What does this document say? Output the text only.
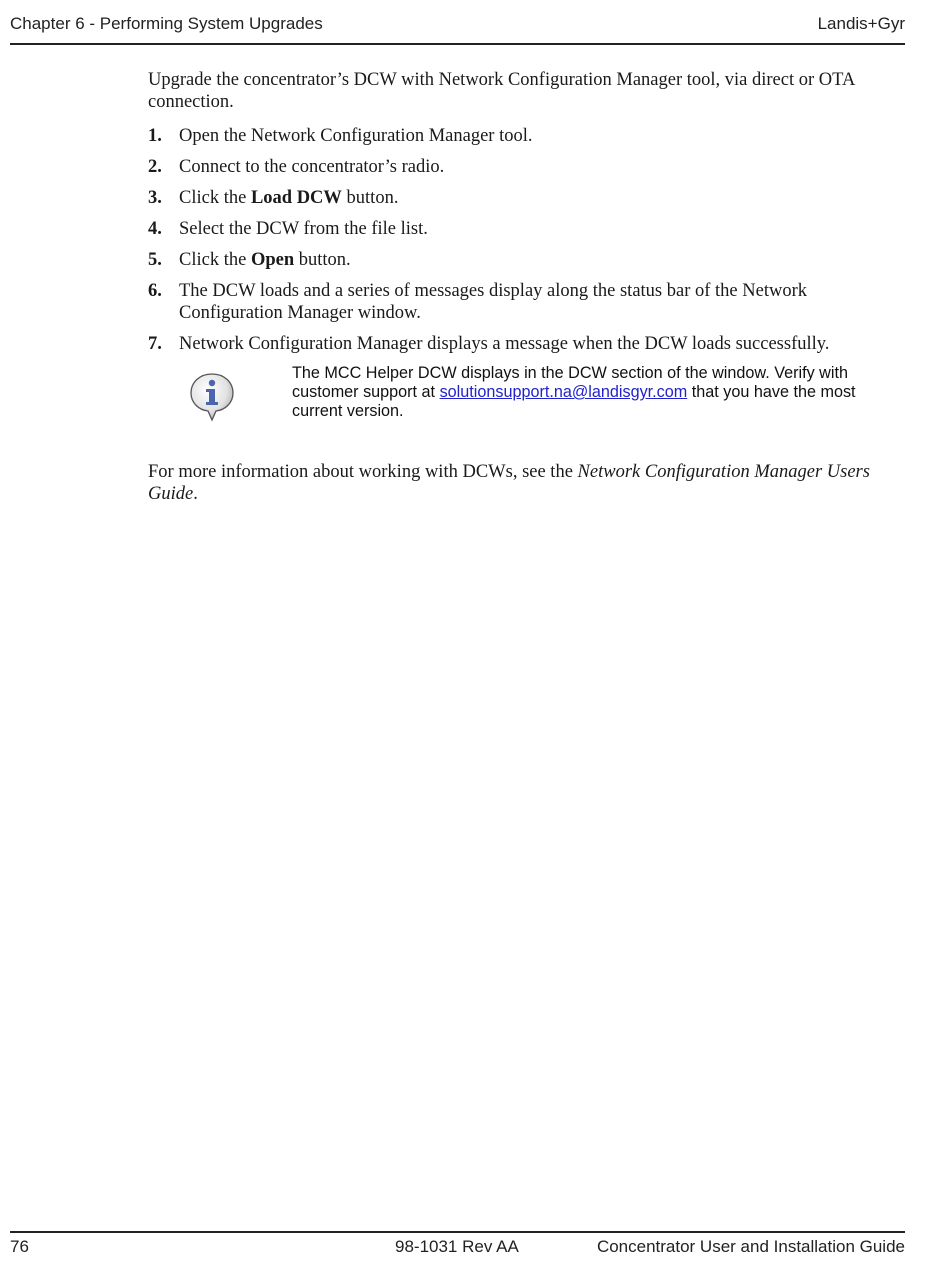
Chapter 6 - Performing System Upgrades	Landis+Gyr

Upgrade the concentrator’s DCW with Network Configuration Manager tool, via direct or OTA connection.

1. Open the Network Configuration Manager tool.
2. Connect to the concentrator’s radio.
3. Click the Load DCW button.
4. Select the DCW from the file list.
5. Click the Open button.
6. The DCW loads and a series of messages display along the status bar of the Network Configuration Manager window.
7. Network Configuration Manager displays a message when the DCW loads successfully.
The MCC Helper DCW displays in the DCW section of the window. Verify with customer support at solutionsupport.na@landisgyr.com that you have the most current version.

For more information about working with DCWs, see the Network Configuration Manager Users Guide.

76	98-1031 Rev AA	Concentrator User and Installation Guide
